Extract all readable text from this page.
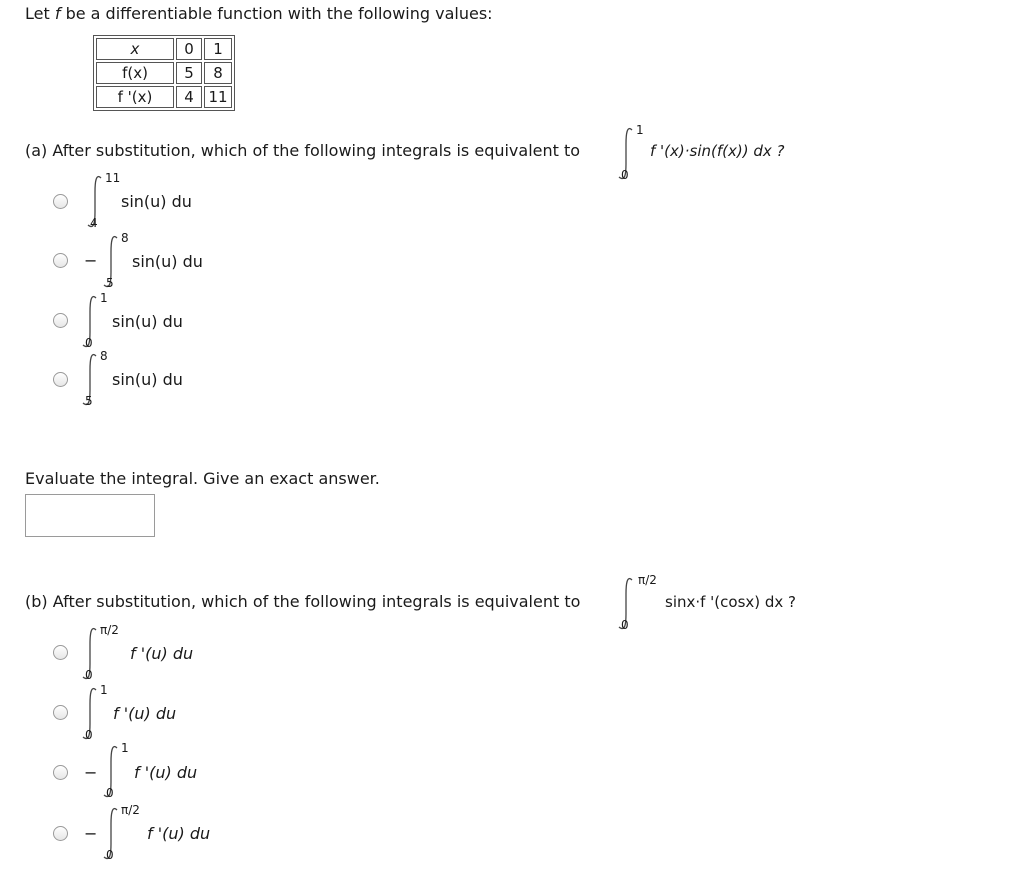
Let f be a differentiable function with the following values:
x	0	1
f(x)	5	8
f '(x)	4	11
(a) After substitution, which of the following integrals is equivalent to
1
0
f '(x)·sin(f(x)) dx ?
11
4
sin(u) du
−
8
5
sin(u) du
1
0
sin(u) du
8
5
sin(u) du
Evaluate the integral. Give an exact answer.
(b) After substitution, which of the following integrals is equivalent to
π/2
0
sinx·f '(cosx) dx ?
π/2
0
f '(u) du
1
0
f '(u) du
−
1
0
f '(u) du
−
π/2
0
f '(u) du
